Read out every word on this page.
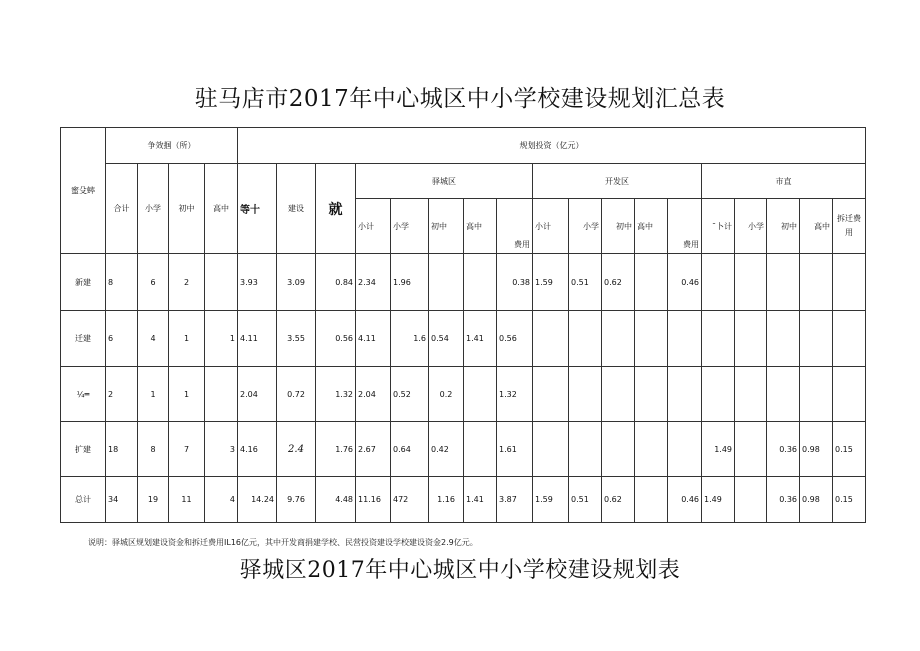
驻马店市2017年中心城区中小学校建设规划汇总表
蜜殳蟀	争效掴（所）				规划投资（亿元）																	
	合计	小学	初中	高中	等十	建设	就	驿城区					开发区					市直				
								小计	小学	初中	高中	费用	小计	小学	初中	高中	费用	¯卜计	小学	初中	高中	拆迁费用
新建	8	6	2		3.93	3.09	0.84	2.34	1.96			0.38	1.59	0.51	0.62		0.46					
迁建	6	4	1	1	4.11	3.55	0.56	4.11	1.6	0.54	1.41	0.56										
¼═	2	1	1		2.04	0.72	1.32	2.04	0.52	0.2		1.32										
扩建	18	8	7	3	4.16	2.4	1.76	2.67	0.64	0.42		1.61						1.49		0.36	0.98	0.15
总计	34	19	11	4	14.24	9.76	4.48	11.16	472	1.16	1.41	3.87	1.59	0.51	0.62		0.46	1.49		0.36	0.98	0.15
说明：驿城区规划建设资金和拆迁费用IL16亿元，其中开发商捐建学校、民营投资建设学校建设资金2.9亿元。
驿城区2017年中心城区中小学校建设规划表
